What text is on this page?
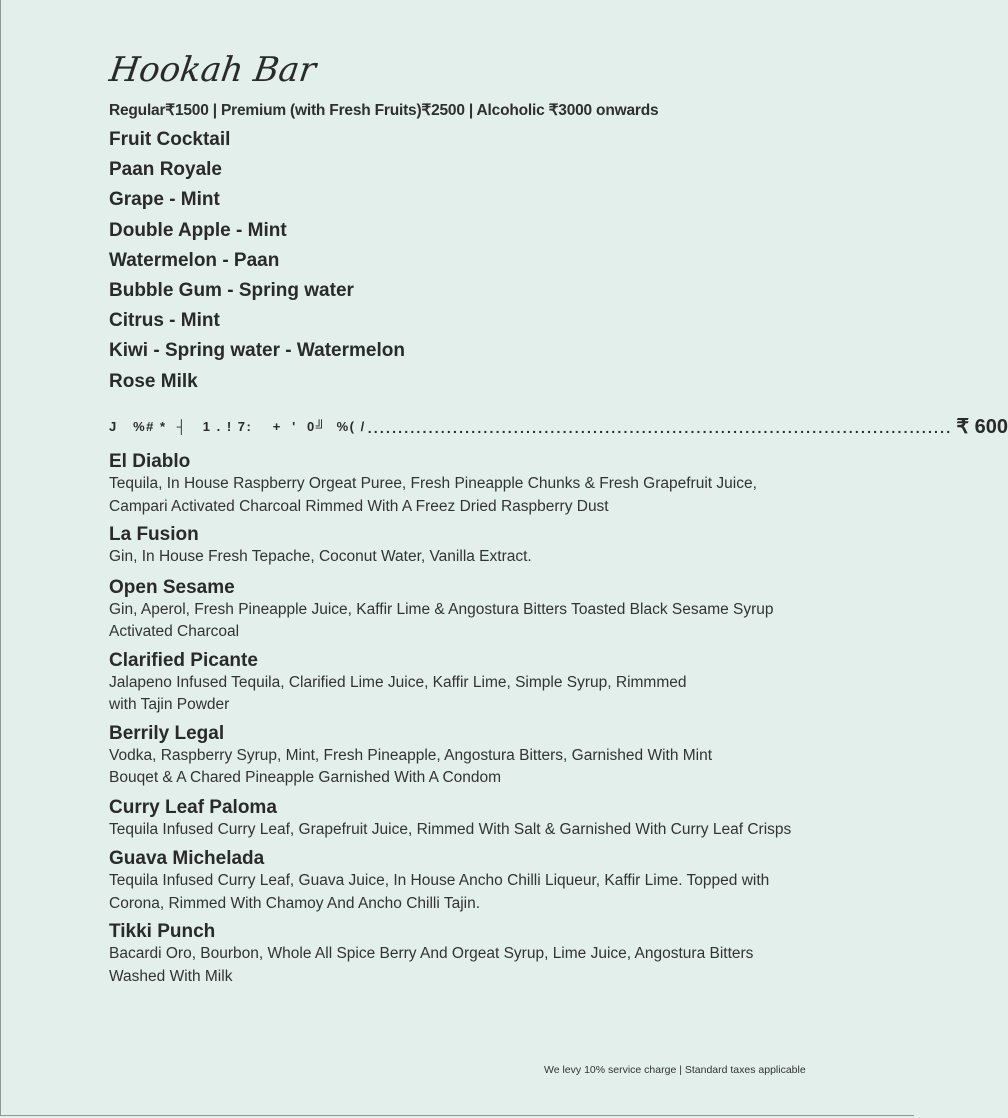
Hookah Bar
Regular₹1500 | Premium (with Fresh Fruits)₹2500 | Alcoholic ₹3000 onwards
Fruit Cocktail
Paan Royale
Grape - Mint
Double Apple - Mint
Watermelon - Paan
Bubble Gum - Spring water
Citrus - Mint
Kiwi - Spring water - Watermelon
Rose Milk
J   %# *  ┤   1 . ! 7:    +  '  0╝  %( / ................................................................................................ ₹ 600
El Diablo
Tequila, In House Raspberry Orgeat Puree, Fresh Pineapple Chunks & Fresh Grapefruit Juice,
Campari Activated Charcoal Rimmed With A Freez Dried Raspberry Dust
La Fusion
Gin, In House Fresh Tepache, Coconut Water, Vanilla Extract.
Open Sesame
Gin, Aperol, Fresh Pineapple Juice, Kaffir Lime & Angostura Bitters Toasted Black Sesame Syrup
Activated Charcoal
Clarified Picante
Jalapeno Infused Tequila, Clarified Lime Juice, Kaffir Lime, Simple Syrup, Rimmmed
with Tajin Powder
Berrily Legal
Vodka, Raspberry Syrup, Mint, Fresh Pineapple, Angostura Bitters, Garnished With Mint
Bouqet & A Chared Pineapple Garnished With A Condom
Curry Leaf Paloma
Tequila Infused Curry Leaf, Grapefruit Juice, Rimmed With Salt & Garnished With Curry Leaf Crisps
Guava Michelada
Tequila Infused Curry Leaf, Guava Juice, In House Ancho Chilli Liqueur, Kaffir Lime. Topped with
Corona, Rimmed With Chamoy And Ancho Chilli Tajin.
Tikki Punch
Bacardi Oro, Bourbon, Whole All Spice Berry And Orgeat Syrup, Lime Juice, Angostura Bitters
Washed With Milk
We levy 10% service charge | Standard taxes applicable
